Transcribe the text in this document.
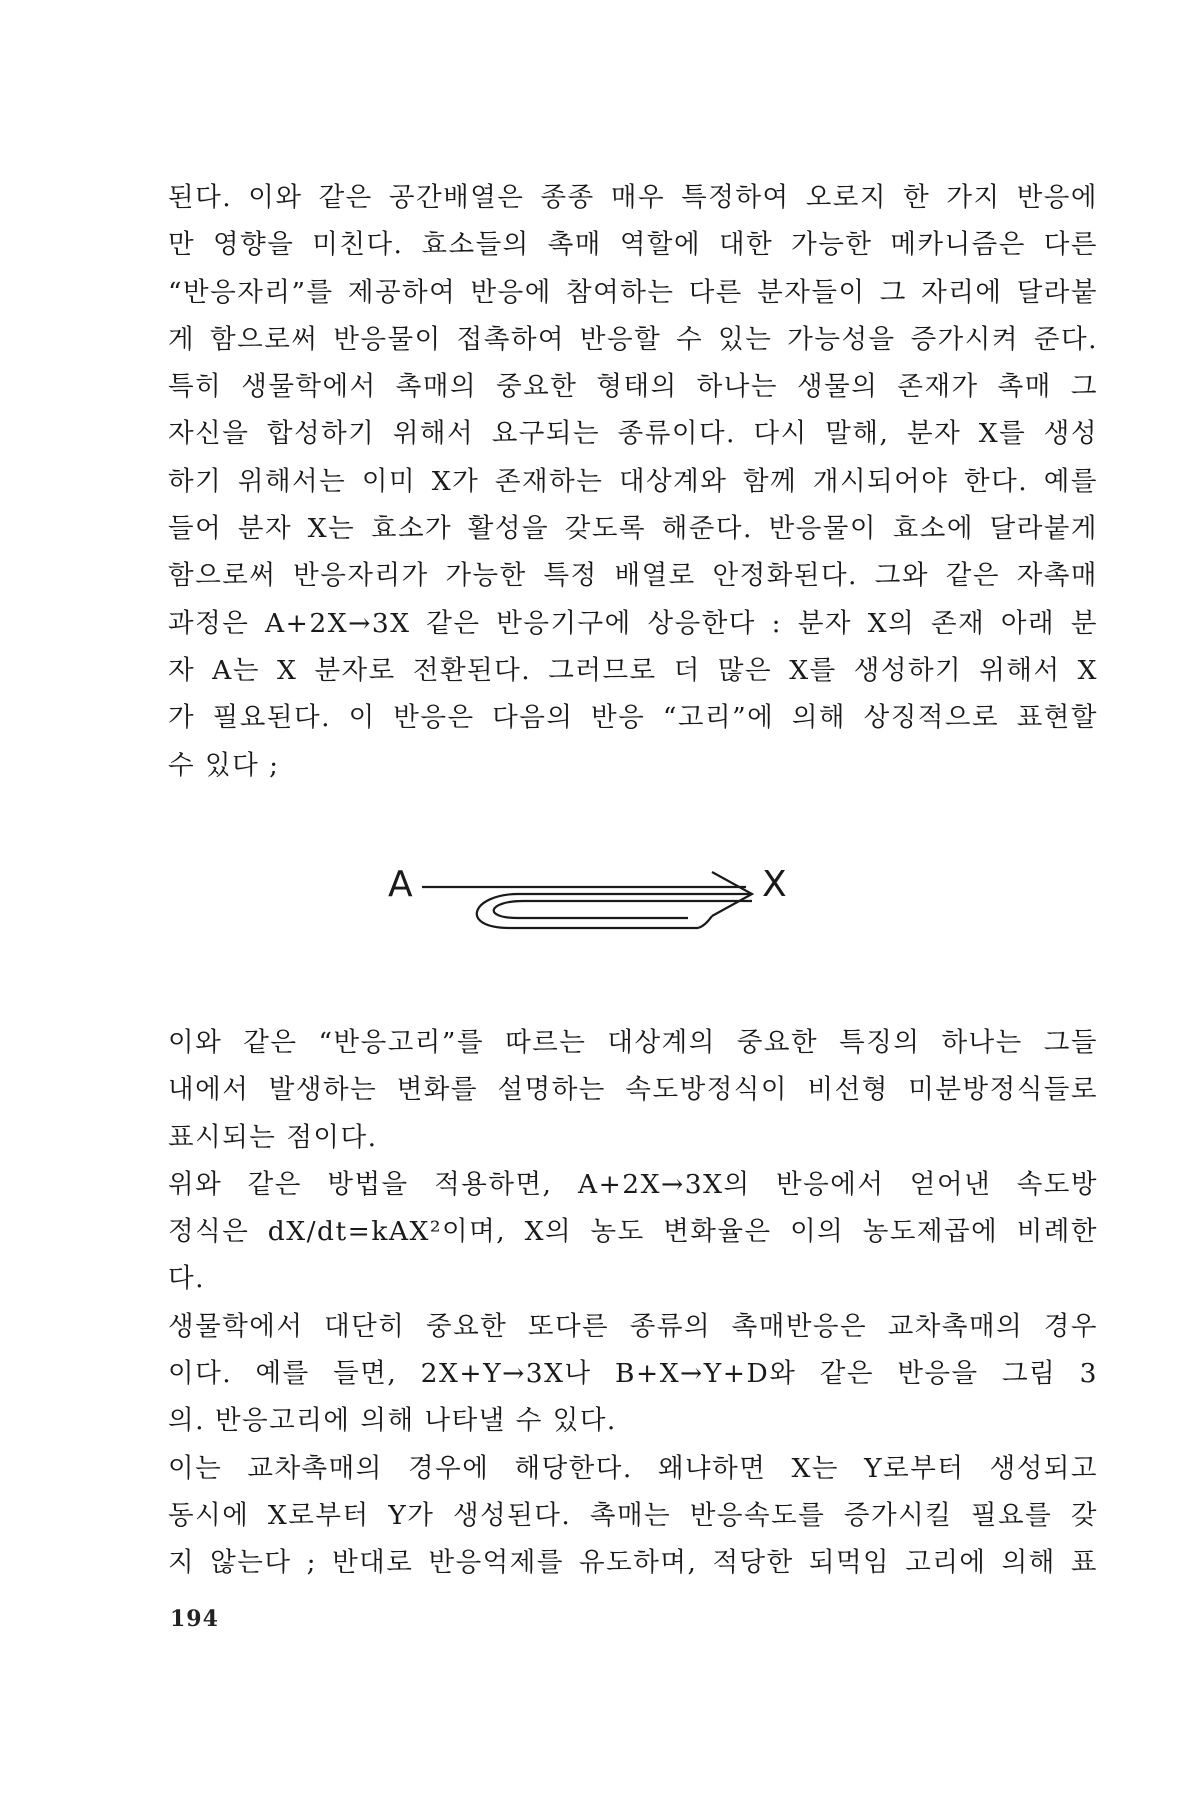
된다. 이와 같은 공간배열은 종종 매우 특정하여 오로지 한 가지 반응에
만 영향을 미친다. 효소들의 촉매 역할에 대한 가능한 메카니즘은 다른
“반응자리”를 제공하여 반응에 참여하는 다른 분자들이 그 자리에 달라붙
게 함으로써 반응물이 접촉하여 반응할 수 있는 가능성을 증가시켜 준다.
특히 생물학에서 촉매의 중요한 형태의 하나는 생물의 존재가 촉매 그
자신을 합성하기 위해서 요구되는 종류이다. 다시 말해, 분자 X를 생성
하기 위해서는 이미 X가 존재하는 대상계와 함께 개시되어야 한다. 예를
들어 분자 X는 효소가 활성을 갖도록 해준다. 반응물이 효소에 달라붙게
함으로써 반응자리가 가능한 특정 배열로 안정화된다. 그와 같은 자촉매
과정은 A+2X→3X 같은 반응기구에 상응한다 : 분자 X의 존재 아래 분
자 A는 X 분자로 전환된다. 그러므로 더 많은 X를 생성하기 위해서 X
가 필요된다. 이 반응은 다음의 반응 “고리”에 의해 상징적으로 표현할
수 있다 ;
A	X
이와 같은 “반응고리”를 따르는 대상계의 중요한 특징의 하나는 그들
내에서 발생하는 변화를 설명하는 속도방정식이 비선형 미분방정식들로
표시되는 점이다.
위와 같은 방법을 적용하면, A+2X→3X의 반응에서 얻어낸 속도방
정식은 dX/dt=kAX²이며, X의 농도 변화율은 이의 농도제곱에 비례한
다.
생물학에서 대단히 중요한 또다른 종류의 촉매반응은 교차촉매의 경우
이다. 예를 들면, 2X+Y→3X나 B+X→Y+D와 같은 반응을 그림 3
의. 반응고리에 의해 나타낼 수 있다.
이는 교차촉매의 경우에 해당한다. 왜냐하면 X는 Y로부터 생성되고
동시에 X로부터 Y가 생성된다. 촉매는 반응속도를 증가시킬 필요를 갖
지 않는다 ; 반대로 반응억제를 유도하며, 적당한 되먹임 고리에 의해 표
194
